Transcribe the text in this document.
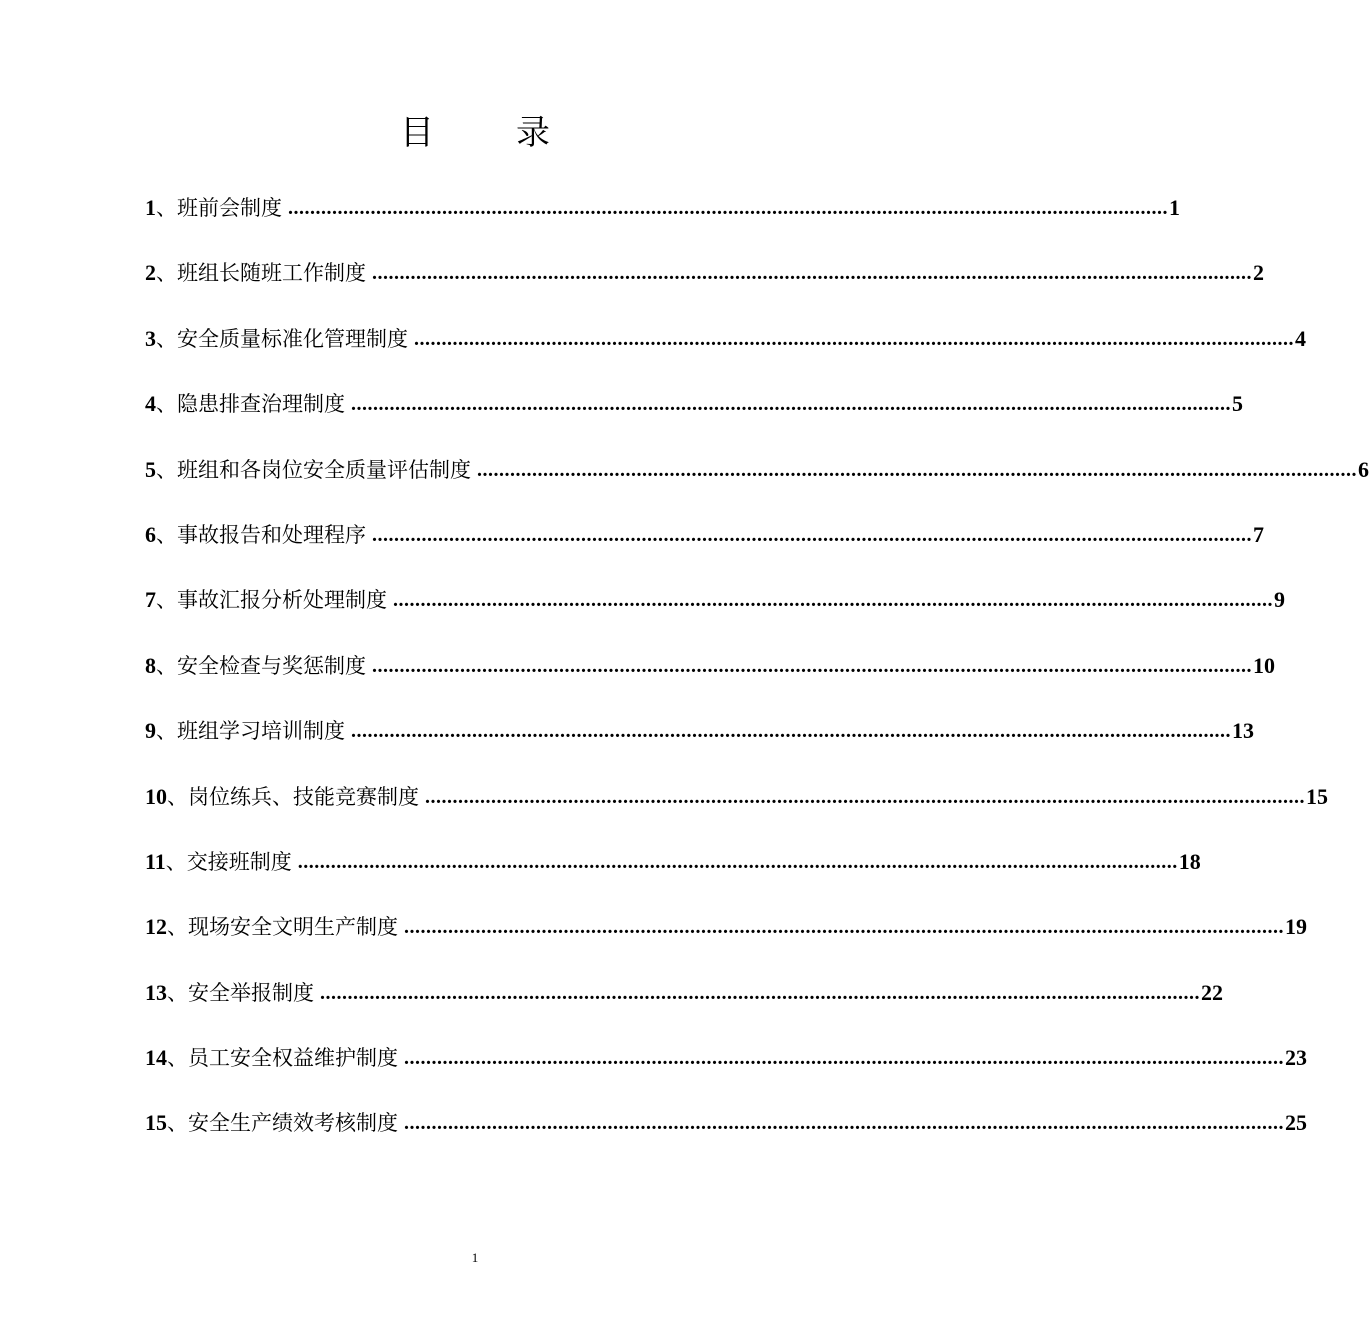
目 录
1 、 班前会制度 ................................................................................................................................................................ 1
2 、 班组长随班工作制度 ................................................................................................................................................................ 2
3 、 安全质量标准化管理制度 ................................................................................................................................................................ 4
4 、 隐患排查治理制度 ................................................................................................................................................................ 5
5 、 班组和各岗位安全质量评估制度 ................................................................................................................................................................ 6
6 、 事故报告和处理程序 ................................................................................................................................................................ 7
7 、 事故汇报分析处理制度 ................................................................................................................................................................ 9
8 、 安全检查与奖惩制度 ................................................................................................................................................................ 10
9 、 班组学习培训制度 ................................................................................................................................................................ 13
10 、 岗位练兵、技能竞赛制度 ................................................................................................................................................................ 15
11 、 交接班制度 ................................................................................................................................................................ 18
12 、 现场安全文明生产制度 ................................................................................................................................................................ 19
13 、 安全举报制度 ................................................................................................................................................................ 22
14 、 员工安全权益维护制度 ................................................................................................................................................................ 23
15 、 安全生产绩效考核制度 ................................................................................................................................................................ 25
1
